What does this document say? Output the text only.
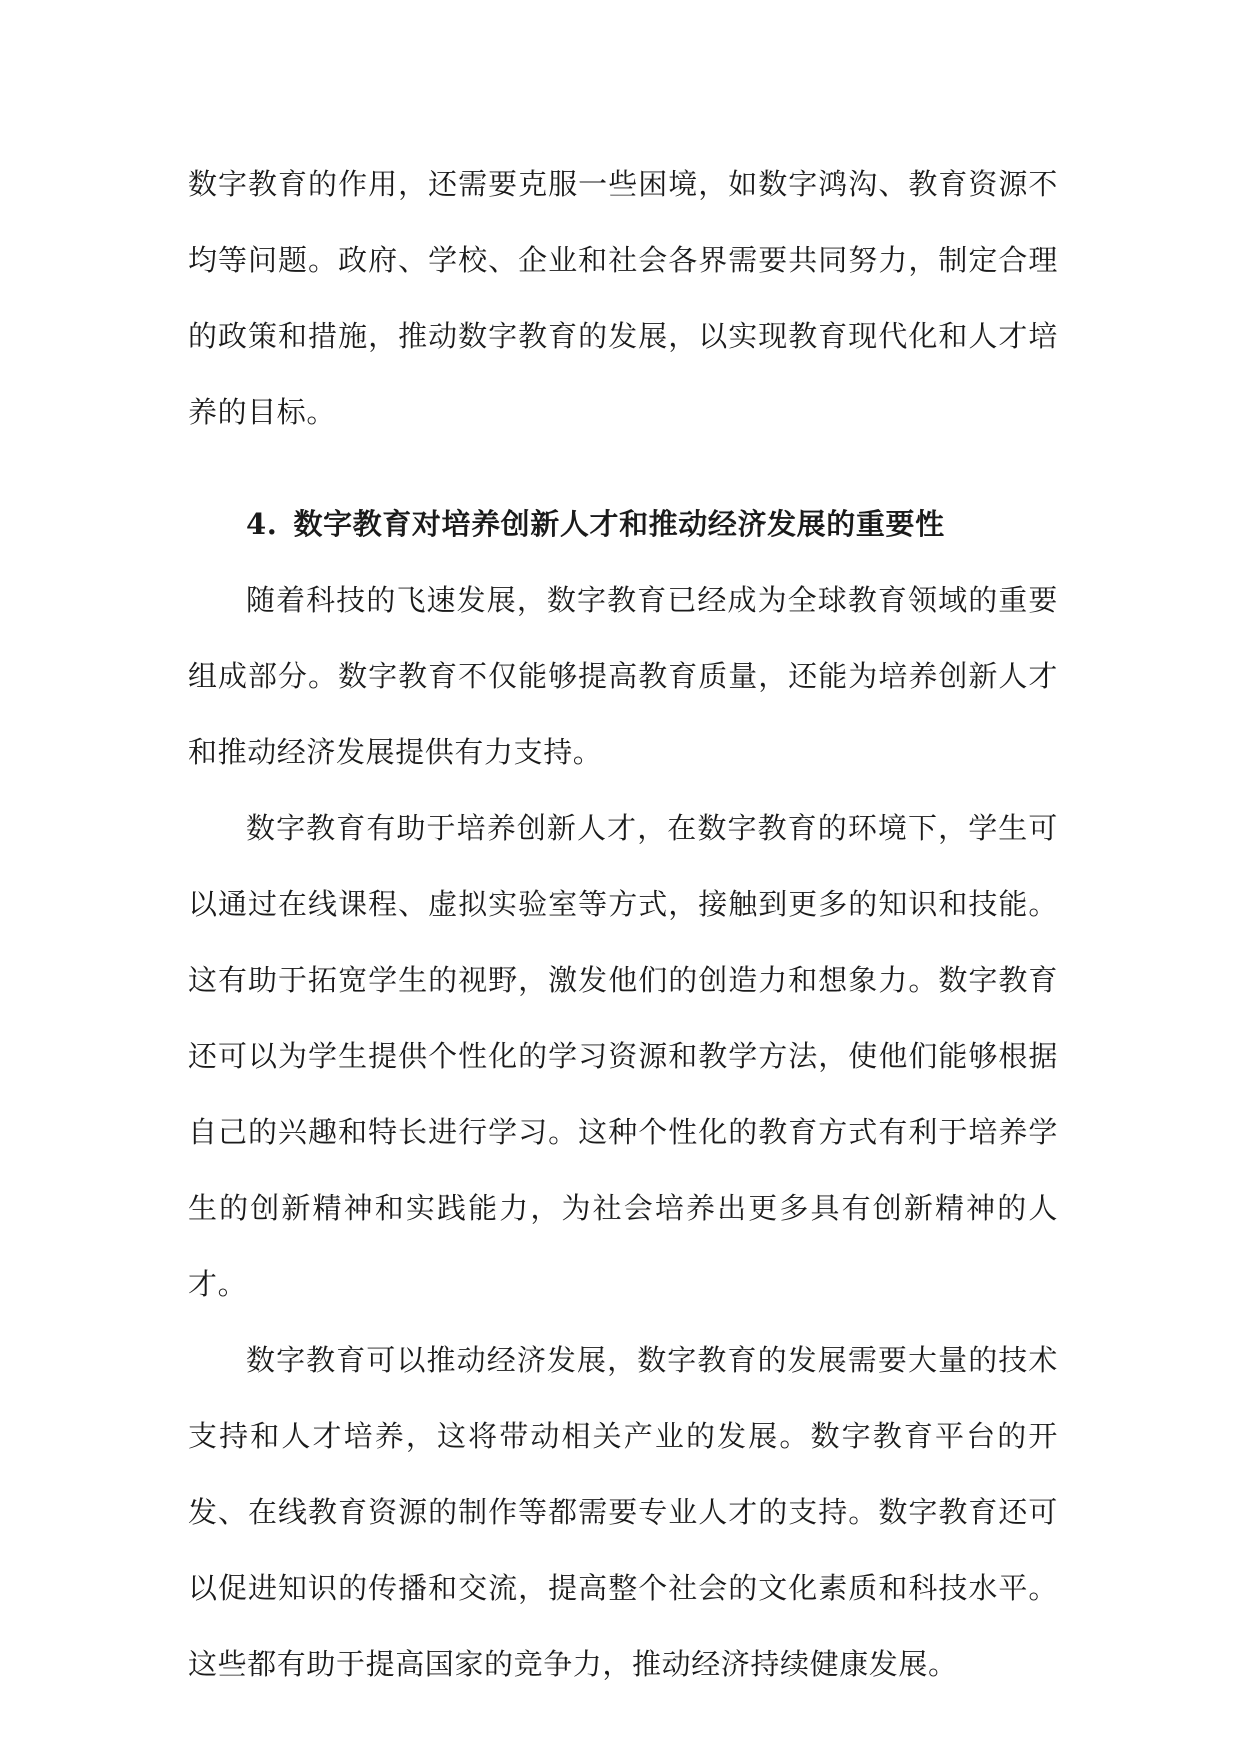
数字教育的作用，还需要克服一些困境，如数字鸿沟、教育资源不均等问题。政府、学校、企业和社会各界需要共同努力，制定合理的政策和措施，推动数字教育的发展，以实现教育现代化和人才培养的目标。

4. 数字教育对培养创新人才和推动经济发展的重要性

随着科技的飞速发展，数字教育已经成为全球教育领域的重要组成部分。数字教育不仅能够提高教育质量，还能为培养创新人才和推动经济发展提供有力支持。

数字教育有助于培养创新人才，在数字教育的环境下，学生可以通过在线课程、虚拟实验室等方式，接触到更多的知识和技能。这有助于拓宽学生的视野，激发他们的创造力和想象力。数字教育还可以为学生提供个性化的学习资源和教学方法，使他们能够根据自己的兴趣和特长进行学习。这种个性化的教育方式有利于培养学生的创新精神和实践能力，为社会培养出更多具有创新精神的人才。

数字教育可以推动经济发展，数字教育的发展需要大量的技术支持和人才培养，这将带动相关产业的发展。数字教育平台的开发、在线教育资源的制作等都需要专业人才的支持。数字教育还可以促进知识的传播和交流，提高整个社会的文化素质和科技水平。这些都有助于提高国家的竞争力，推动经济持续健康发展。
